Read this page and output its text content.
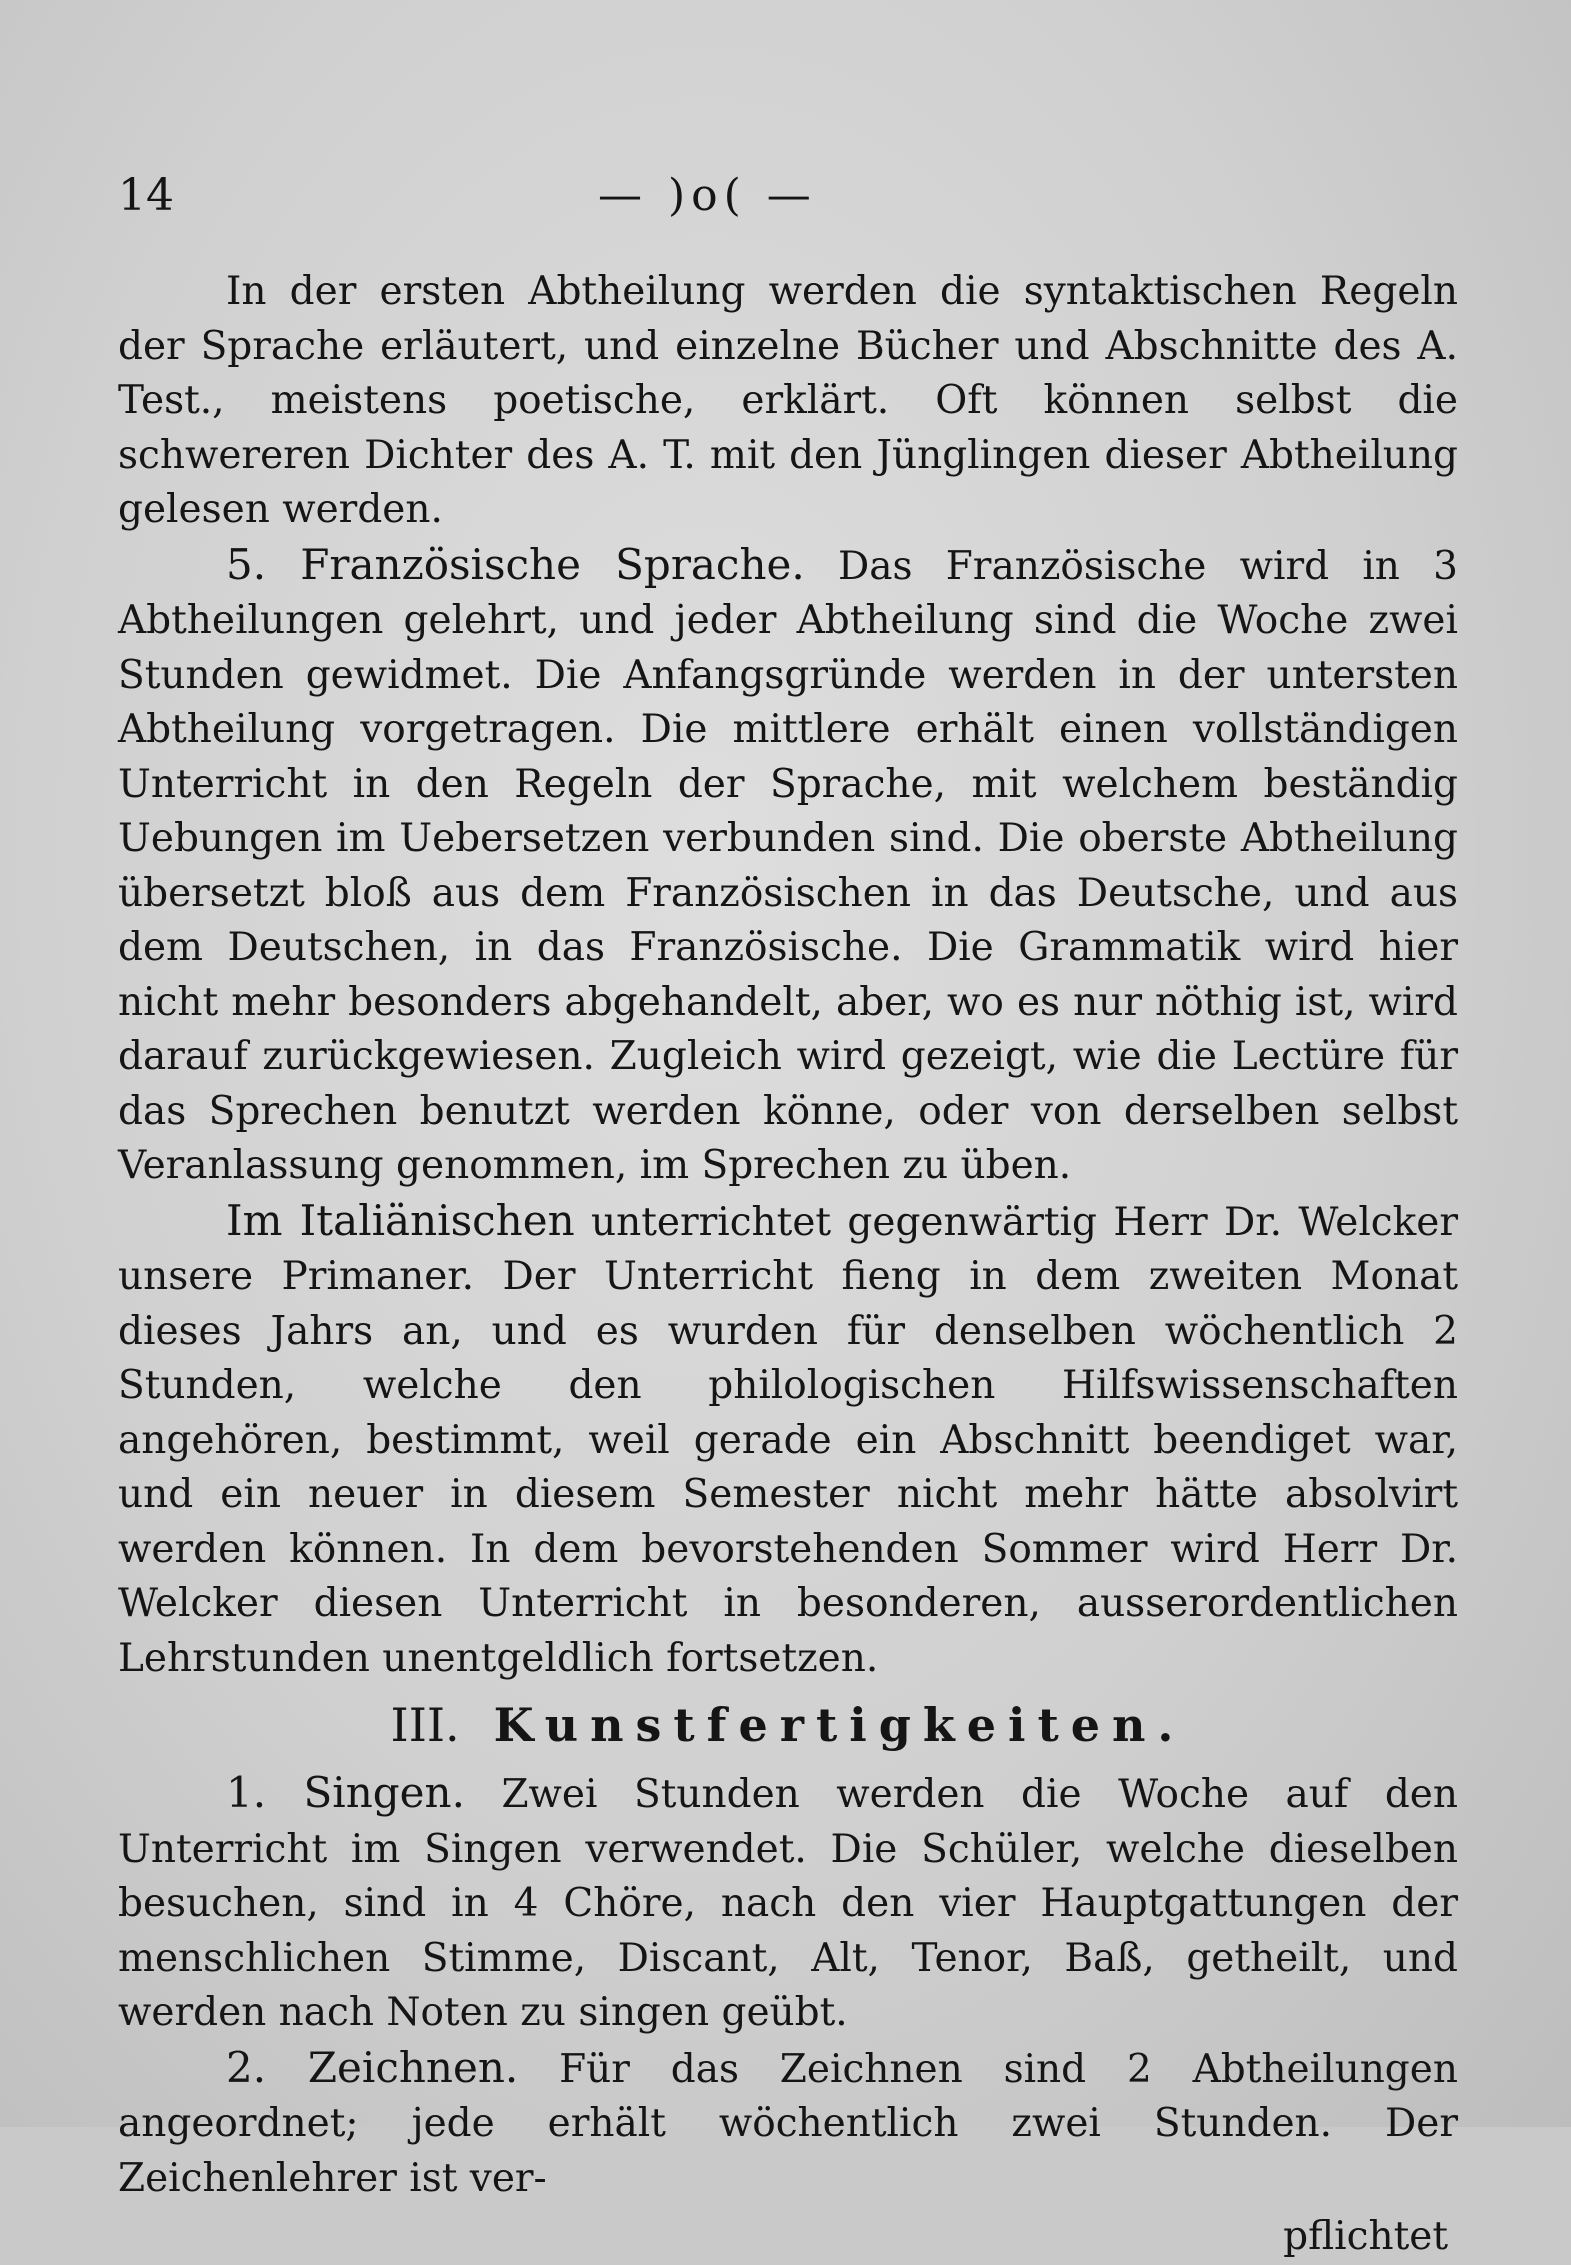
14	— )o( —

In der ersten Abtheilung werden die syntaktischen Regeln der Sprache erläutert, und einzelne Bücher und Abschnitte des A. Test., meistens poetische, erklärt. Oft können selbst die schwereren Dichter des A. T. mit den Jünglingen dieser Abtheilung gelesen werden.

5. Französische Sprache. Das Französische wird in 3 Abtheilungen gelehrt, und jeder Abtheilung sind die Woche zwei Stunden gewidmet. Die Anfangsgründe werden in der untersten Abtheilung vorgetragen. Die mittlere erhält einen vollständigen Unterricht in den Regeln der Sprache, mit welchem beständig Uebungen im Uebersetzen verbunden sind. Die oberste Abtheilung übersetzt bloß aus dem Französischen in das Deutsche, und aus dem Deutschen, in das Französische. Die Grammatik wird hier nicht mehr besonders abgehandelt, aber, wo es nur nöthig ist, wird darauf zurückgewiesen. Zugleich wird gezeigt, wie die Lectüre für das Sprechen benutzt werden könne, oder von derselben selbst Veranlassung genommen, im Sprechen zu üben.

Im Italiänischen unterrichtet gegenwärtig Herr Dr. Welcker unsere Primaner. Der Unterricht fieng in dem zweiten Monat dieses Jahrs an, und es wurden für denselben wöchentlich 2 Stunden, welche den philologischen Hilfswissenschaften angehören, bestimmt, weil gerade ein Abschnitt beendiget war, und ein neuer in diesem Semester nicht mehr hätte absolvirt werden können. In dem bevorstehenden Sommer wird Herr Dr. Welcker diesen Unterricht in besonderen, ausserordentlichen Lehrstunden unentgeldlich fortsetzen.

III. Kunstfertigkeiten.

1. Singen. Zwei Stunden werden die Woche auf den Unterricht im Singen verwendet. Die Schüler, welche dieselben besuchen, sind in 4 Chöre, nach den vier Hauptgattungen der menschlichen Stimme, Discant, Alt, Tenor, Baß, getheilt, und werden nach Noten zu singen geübt.

2. Zeichnen. Für das Zeichnen sind 2 Abtheilungen angeordnet; jede erhält wöchentlich zwei Stunden. Der Zeichenlehrer ist ver-

pflichtet
